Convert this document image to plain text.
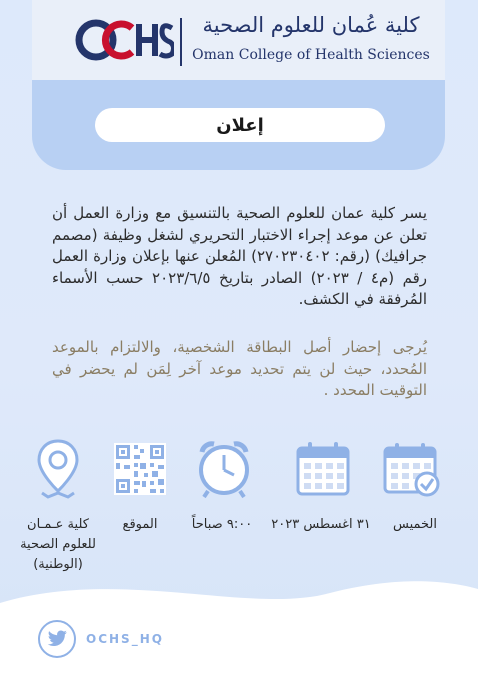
كلية عُمان للعلوم الصحية
Oman College of Health Sciences
إعلان

يسر كلية عمان للعلوم الصحية بالتنسيق مع وزارة العمل أن تعلن عن موعد إجراء الاختبار التحريري لشغل وظيفة (مصمم جرافيك) (رقم: ٢٧٠٢٣٠٤٠٢) المُعلن عنها بإعلان وزارة العمل رقم (م٤ / ٢٠٢٣) الصادر بتاريخ ٢٠٢٣/٦/٥ حسب الأسماء المُرفقة في الكشف.

يُرجى إحضار أصل البطاقة الشخصية، والالتزام بالموعد المُحدد، حيث لن يتم تحديد موعد آخر لِمَن لم يحضر في التوقيت المحدد .

الخميس
٣١ اغسطس ٢٠٢٣
٩:٠٠ صباحاً
الموقع
كلية عـمـان
للعلوم الصحية
(الوطنية)
OCHS_HQ
